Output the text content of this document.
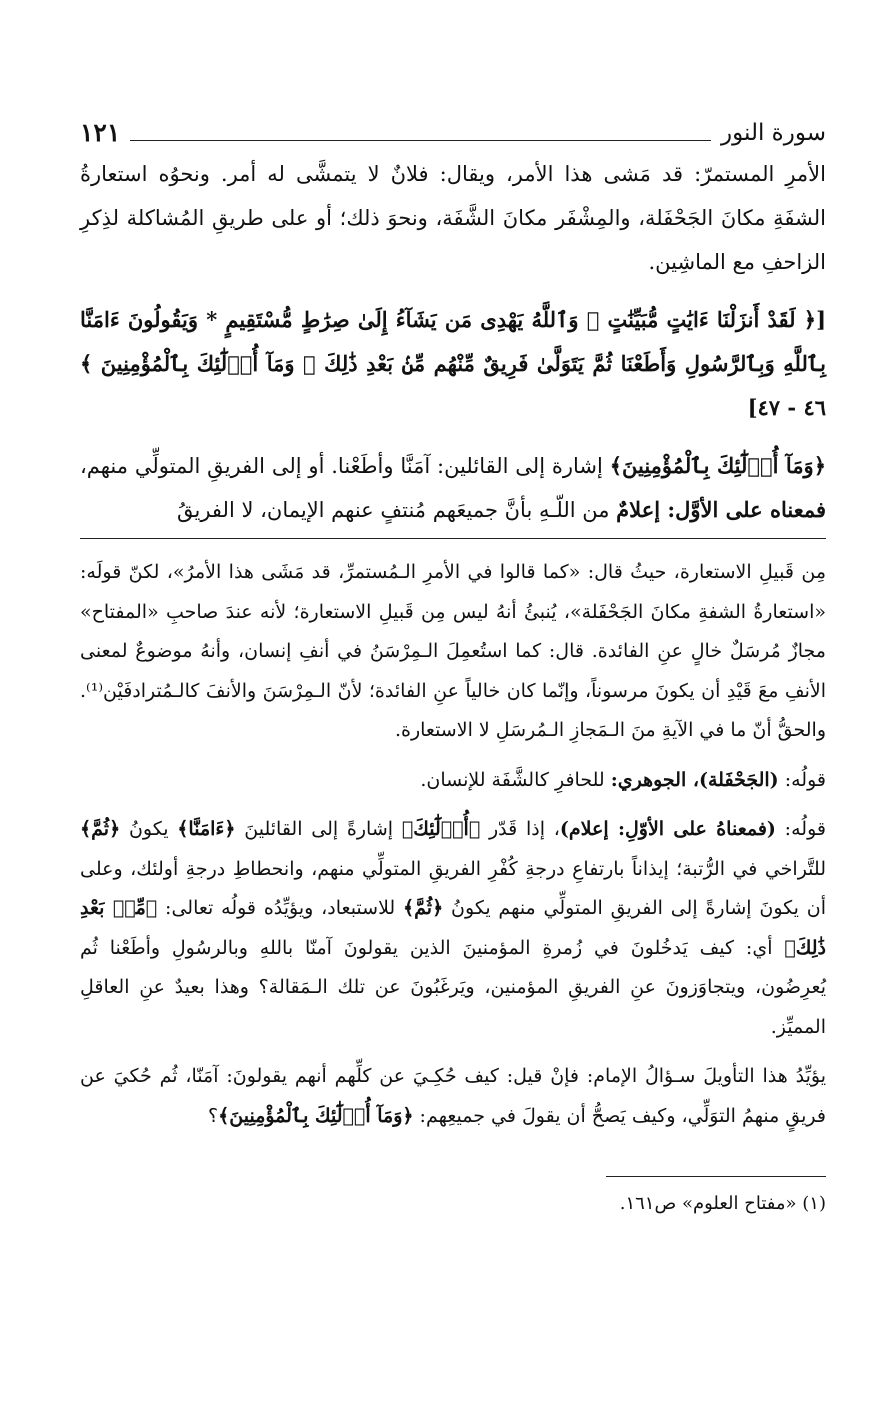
سورة النور
١٢١

الأمرِ المستمرّ: قد مَشى هذا الأمر، ويقال: فلانٌ لا يتمشَّى له أمر. ونحوُه استعارةُ الشفَةِ مكانَ الجَحْفَلة، والمِشْفَر مكانَ الشَّفَة، ونحوَ ذلك؛ أو على طريقِ المُشاكلة لذِكرِ الزاحفِ مع الماشِين.

[﴿ لَقَدْ أَنزَلْنَا ءَايَٰتٍ مُّبَيِّنَٰتٍ ۚ وَٱللَّهُ يَهْدِى مَن يَشَآءُ إِلَىٰ صِرَٰطٍ مُّسْتَقِيمٍ * وَيَقُولُونَ ءَامَنَّا بِٱللَّهِ وَبِٱلرَّسُولِ وَأَطَعْنَا ثُمَّ يَتَوَلَّىٰ فَرِيقٌ مِّنْهُم مِّنۢ بَعْدِ ذَٰلِكَ ۚ وَمَآ أُو۟لَٰٓئِكَ بِٱلْمُؤْمِنِينَ ﴾ ٤٦ - ٤٧]

﴿وَمَآ أُو۟لَٰٓئِكَ بِٱلْمُؤْمِنِينَ﴾ إشارة إلى القائلين: آمَنَّا وأطَعْنا. أو إلى الفريقِ المتولِّي منهم، فمعناه على الأوَّل: إعلامٌ من اللّـهِ بأنَّ جميعَهم مُنتفٍ عنهم الإيمان، لا الفريقُ

مِن قَبيلِ الاستعارة، حيثُ قال: «كما قالوا في الأمرِ الـمُستمرِّ، قد مَشَى هذا الأمرُ»، لكنّ قولَه: «استعارةُ الشفةِ مكانَ الجَحْفَلة»، يُنبئُ أنهُ ليس مِن قَبيلِ الاستعارة؛ لأنه عندَ صاحبِ «المفتاح» مجازٌ مُرسَلٌ خالٍ عنِ الفائدة. قال: كما استُعمِلَ الـمِرْسَنُ في أنفِ إنسان، وأنهُ موضوعٌ لمعنى الأنفِ معَ قَيْدِ أن يكونَ مرسوناً، وإنّما كان خالياً عنِ الفائدة؛ لأنّ الـمِرْسَنَ والأنفَ كالـمُترادفَيْن⁽¹⁾. والحقُّ أنّ ما في الآيةِ منَ الـمَجازِ الـمُرسَلِ لا الاستعارة.

قولُه: (الجَحْفَلة)، الجوهري: للحافرِ كالشَّفَة للإنسان.

قولُه: (فمعناهُ على الأوّلِ: إعلام)، إذا قَدّر ﴿أُو۟لَٰٓئِكَ﴾ إشارةً إلى القائلينَ ﴿ءَامَنَّا﴾ يكونُ ﴿ثُمَّ﴾ للتَّراخي في الرُّتبة؛ إيذاناً بارتفاعِ درجةِ كُفْرِ الفريقِ المتولِّي منهم، وانحطاطِ درجةِ أولئك، وعلى أن يكونَ إشارةً إلى الفريقِ المتولِّي منهم يكونُ ﴿ثُمَّ﴾ للاستبعاد، ويؤيِّدُه قولُه تعالى: ﴿مِّنۢ بَعْدِ ذَٰلِكَ﴾ أي: كيف يَدخُلونَ في زُمرةِ المؤمنينَ الذين يقولونَ آمنّا باللهِ وبالرسُولِ وأطَعْنا ثُم يُعرِضُون، ويتجاوَزونَ عنِ الفريقِ المؤمنين، ويَرغَبُونَ عن تلك الـمَقالة؟ وهذا بعيدٌ عنِ العاقلِ المميِّز.

يؤيِّدُ هذا التأويلَ سـؤالُ الإمام: فإنْ قيل: كيف حُكِـيَ عن كلِّهم أنهم يقولونَ: آمَنّا، ثُم حُكيَ عن فريقٍ منهمُ التوَلِّي، وكيف يَصحُّ أن يقولَ في جميعِهم: ﴿وَمَآ أُو۟لَٰٓئِكَ بِٱلْمُؤْمِنِينَ﴾؟

(١) «مفتاح العلوم» ص١٦١.
